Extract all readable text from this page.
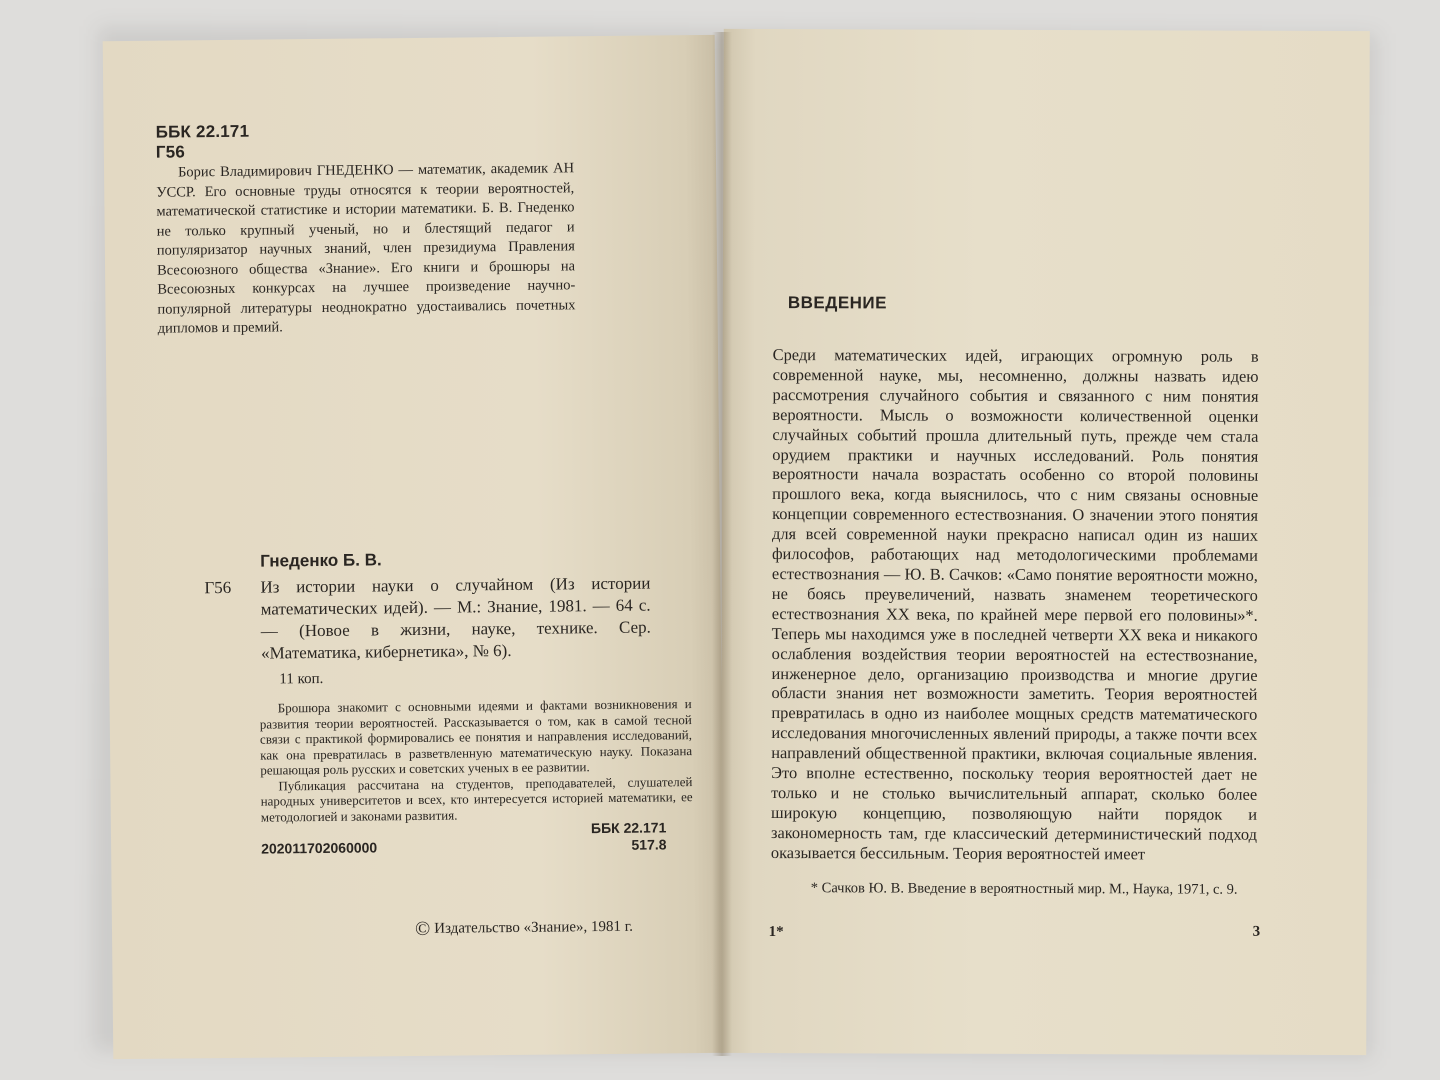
ББК 22.171
Г56
Борис Владимирович ГНЕДЕНКО — математик, академик АН УССР. Его основные труды относятся к теории вероятностей, математической статистике и истории математики. Б. В. Гнеденко не только крупный ученый, но и блестящий педагог и популяризатор научных знаний, член президиума Правления Всесоюзного общества «Знание». Его книги и брошюры на Всесоюзных конкурсах на лучшее произведение научно-популярной литературы неоднократно удостаивались почетных дипломов и премий.
Гнеденко Б. В.
Г56 Из истории науки о случайном (Из истории математических идей). — М.: Знание, 1981. — 64 с. — (Новое в жизни, науке, технике. Сер. «Математика, кибернетика», № 6).
11 коп.

Брошюра знакомит с основными идеями и фактами возникновения и развития теории вероятностей. Рассказывается о том, как в самой тесной связи с практикой формировались ее понятия и направления исследований, как она превратилась в разветвленную математическую науку. Показана решающая роль русских и советских ученых в ее развитии.

Публикация рассчитана на студентов, преподавателей, слушателей народных университетов и всех, кто интересуется историей математики, ее методологией и законами развития.

202011702060000
ББК 22.171
517.8
© Издательство «Знание», 1981 г.
ВВЕДЕНИЕ

Среди математических идей, играющих огромную роль в современной науке, мы, несомненно, должны назвать идею рассмотрения случайного события и связанного с ним понятия вероятности. Мысль о возможности количественной оценки случайных событий прошла длительный путь, прежде чем стала орудием практики и научных исследований. Роль понятия вероятности начала возрастать особенно со второй половины прошлого века, когда выяснилось, что с ним связаны основные концепции современного естествознания. О значении этого понятия для всей современной науки прекрасно написал один из наших философов, работающих над методологическими проблемами естествознания — Ю. В. Сачков: «Само понятие вероятности можно, не боясь преувеличений, назвать знаменем теоретического естествознания XX века, по крайней мере первой его половины»*. Теперь мы находимся уже в последней четверти XX века и никакого ослабления воздействия теории вероятностей на естествознание, инженерное дело, организацию производства и многие другие области знания нет возможности заметить. Теория вероятностей превратилась в одно из наиболее мощных средств математического исследования многочисленных явлений природы, а также почти всех направлений общественной практики, включая социальные явления. Это вполне естественно, поскольку теория вероятностей дает не только и не столько вычислительный аппарат, сколько более широкую концепцию, позволяющую найти порядок и закономерность там, где классический детерминистический подход оказывается бессильным. Теория вероятностей имеет

* Сачков Ю. В. Введение в вероятностный мир. М., Наука, 1971, с. 9.
1*	3
